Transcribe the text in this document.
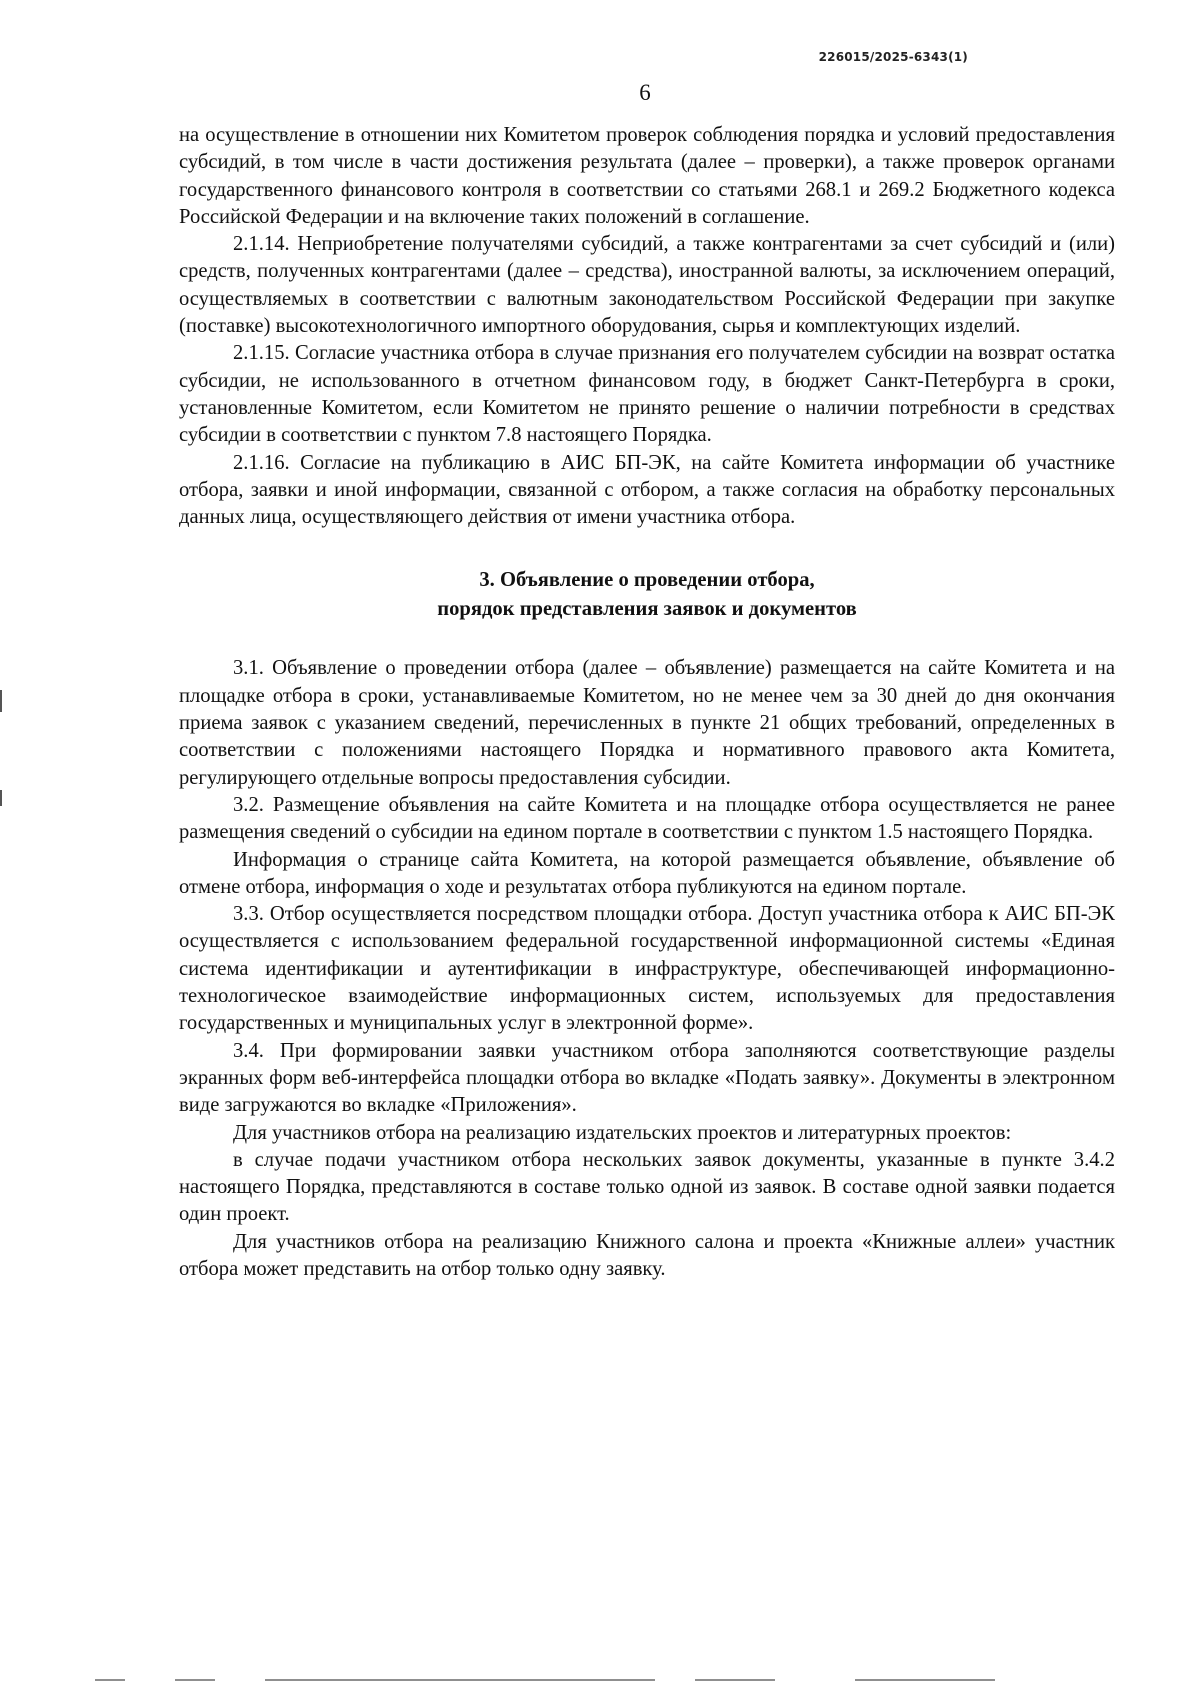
226015/2025-6343(1)
6

на осуществление в отношении них Комитетом проверок соблюдения порядка и условий предоставления субсидий, в том числе в части достижения результата (далее – проверки), а также проверок органами государственного финансового контроля в соответствии со статьями 268.1 и 269.2 Бюджетного кодекса Российской Федерации и на включение таких положений в соглашение.

2.1.14. Неприобретение получателями субсидий, а также контрагентами за счет субсидий и (или) средств, полученных контрагентами (далее – средства), иностранной валюты, за исключением операций, осуществляемых в соответствии с валютным законодательством Российской Федерации при закупке (поставке) высокотехнологичного импортного оборудования, сырья и комплектующих изделий.

2.1.15. Согласие участника отбора в случае признания его получателем субсидии на возврат остатка субсидии, не использованного в отчетном финансовом году, в бюджет Санкт-Петербурга в сроки, установленные Комитетом, если Комитетом не принято решение о наличии потребности в средствах субсидии в соответствии с пунктом 7.8 настоящего Порядка.

2.1.16. Согласие на публикацию в АИС БП-ЭК, на сайте Комитета информации об участнике отбора, заявки и иной информации, связанной с отбором, а также согласия на обработку персональных данных лица, осуществляющего действия от имени участника отбора.

3. Объявление о проведении отбора,
порядок представления заявок и документов

3.1. Объявление о проведении отбора (далее – объявление) размещается на сайте Комитета и на площадке отбора в сроки, устанавливаемые Комитетом, но не менее чем за 30 дней до дня окончания приема заявок с указанием сведений, перечисленных в пункте 21 общих требований, определенных в соответствии с положениями настоящего Порядка и нормативного правового акта Комитета, регулирующего отдельные вопросы предоставления субсидии.

3.2. Размещение объявления на сайте Комитета и на площадке отбора осуществляется не ранее размещения сведений о субсидии на едином портале в соответствии с пунктом 1.5 настоящего Порядка.

Информация о странице сайта Комитета, на которой размещается объявление, объявление об отмене отбора, информация о ходе и результатах отбора публикуются на едином портале.

3.3. Отбор осуществляется посредством площадки отбора. Доступ участника отбора к АИС БП-ЭК осуществляется с использованием федеральной государственной информационной системы «Единая система идентификации и аутентификации в инфраструктуре, обеспечивающей информационно-технологическое взаимодействие информационных систем, используемых для предоставления государственных и муниципальных услуг в электронной форме».

3.4. При формировании заявки участником отбора заполняются соответствующие разделы экранных форм веб-интерфейса площадки отбора во вкладке «Подать заявку». Документы в электронном виде загружаются во вкладке «Приложения».

Для участников отбора на реализацию издательских проектов и литературных проектов:

в случае подачи участником отбора нескольких заявок документы, указанные в пункте 3.4.2 настоящего Порядка, представляются в составе только одной из заявок. В составе одной заявки подается один проект.

Для участников отбора на реализацию Книжного салона и проекта «Книжные аллеи» участник отбора может представить на отбор только одну заявку.
